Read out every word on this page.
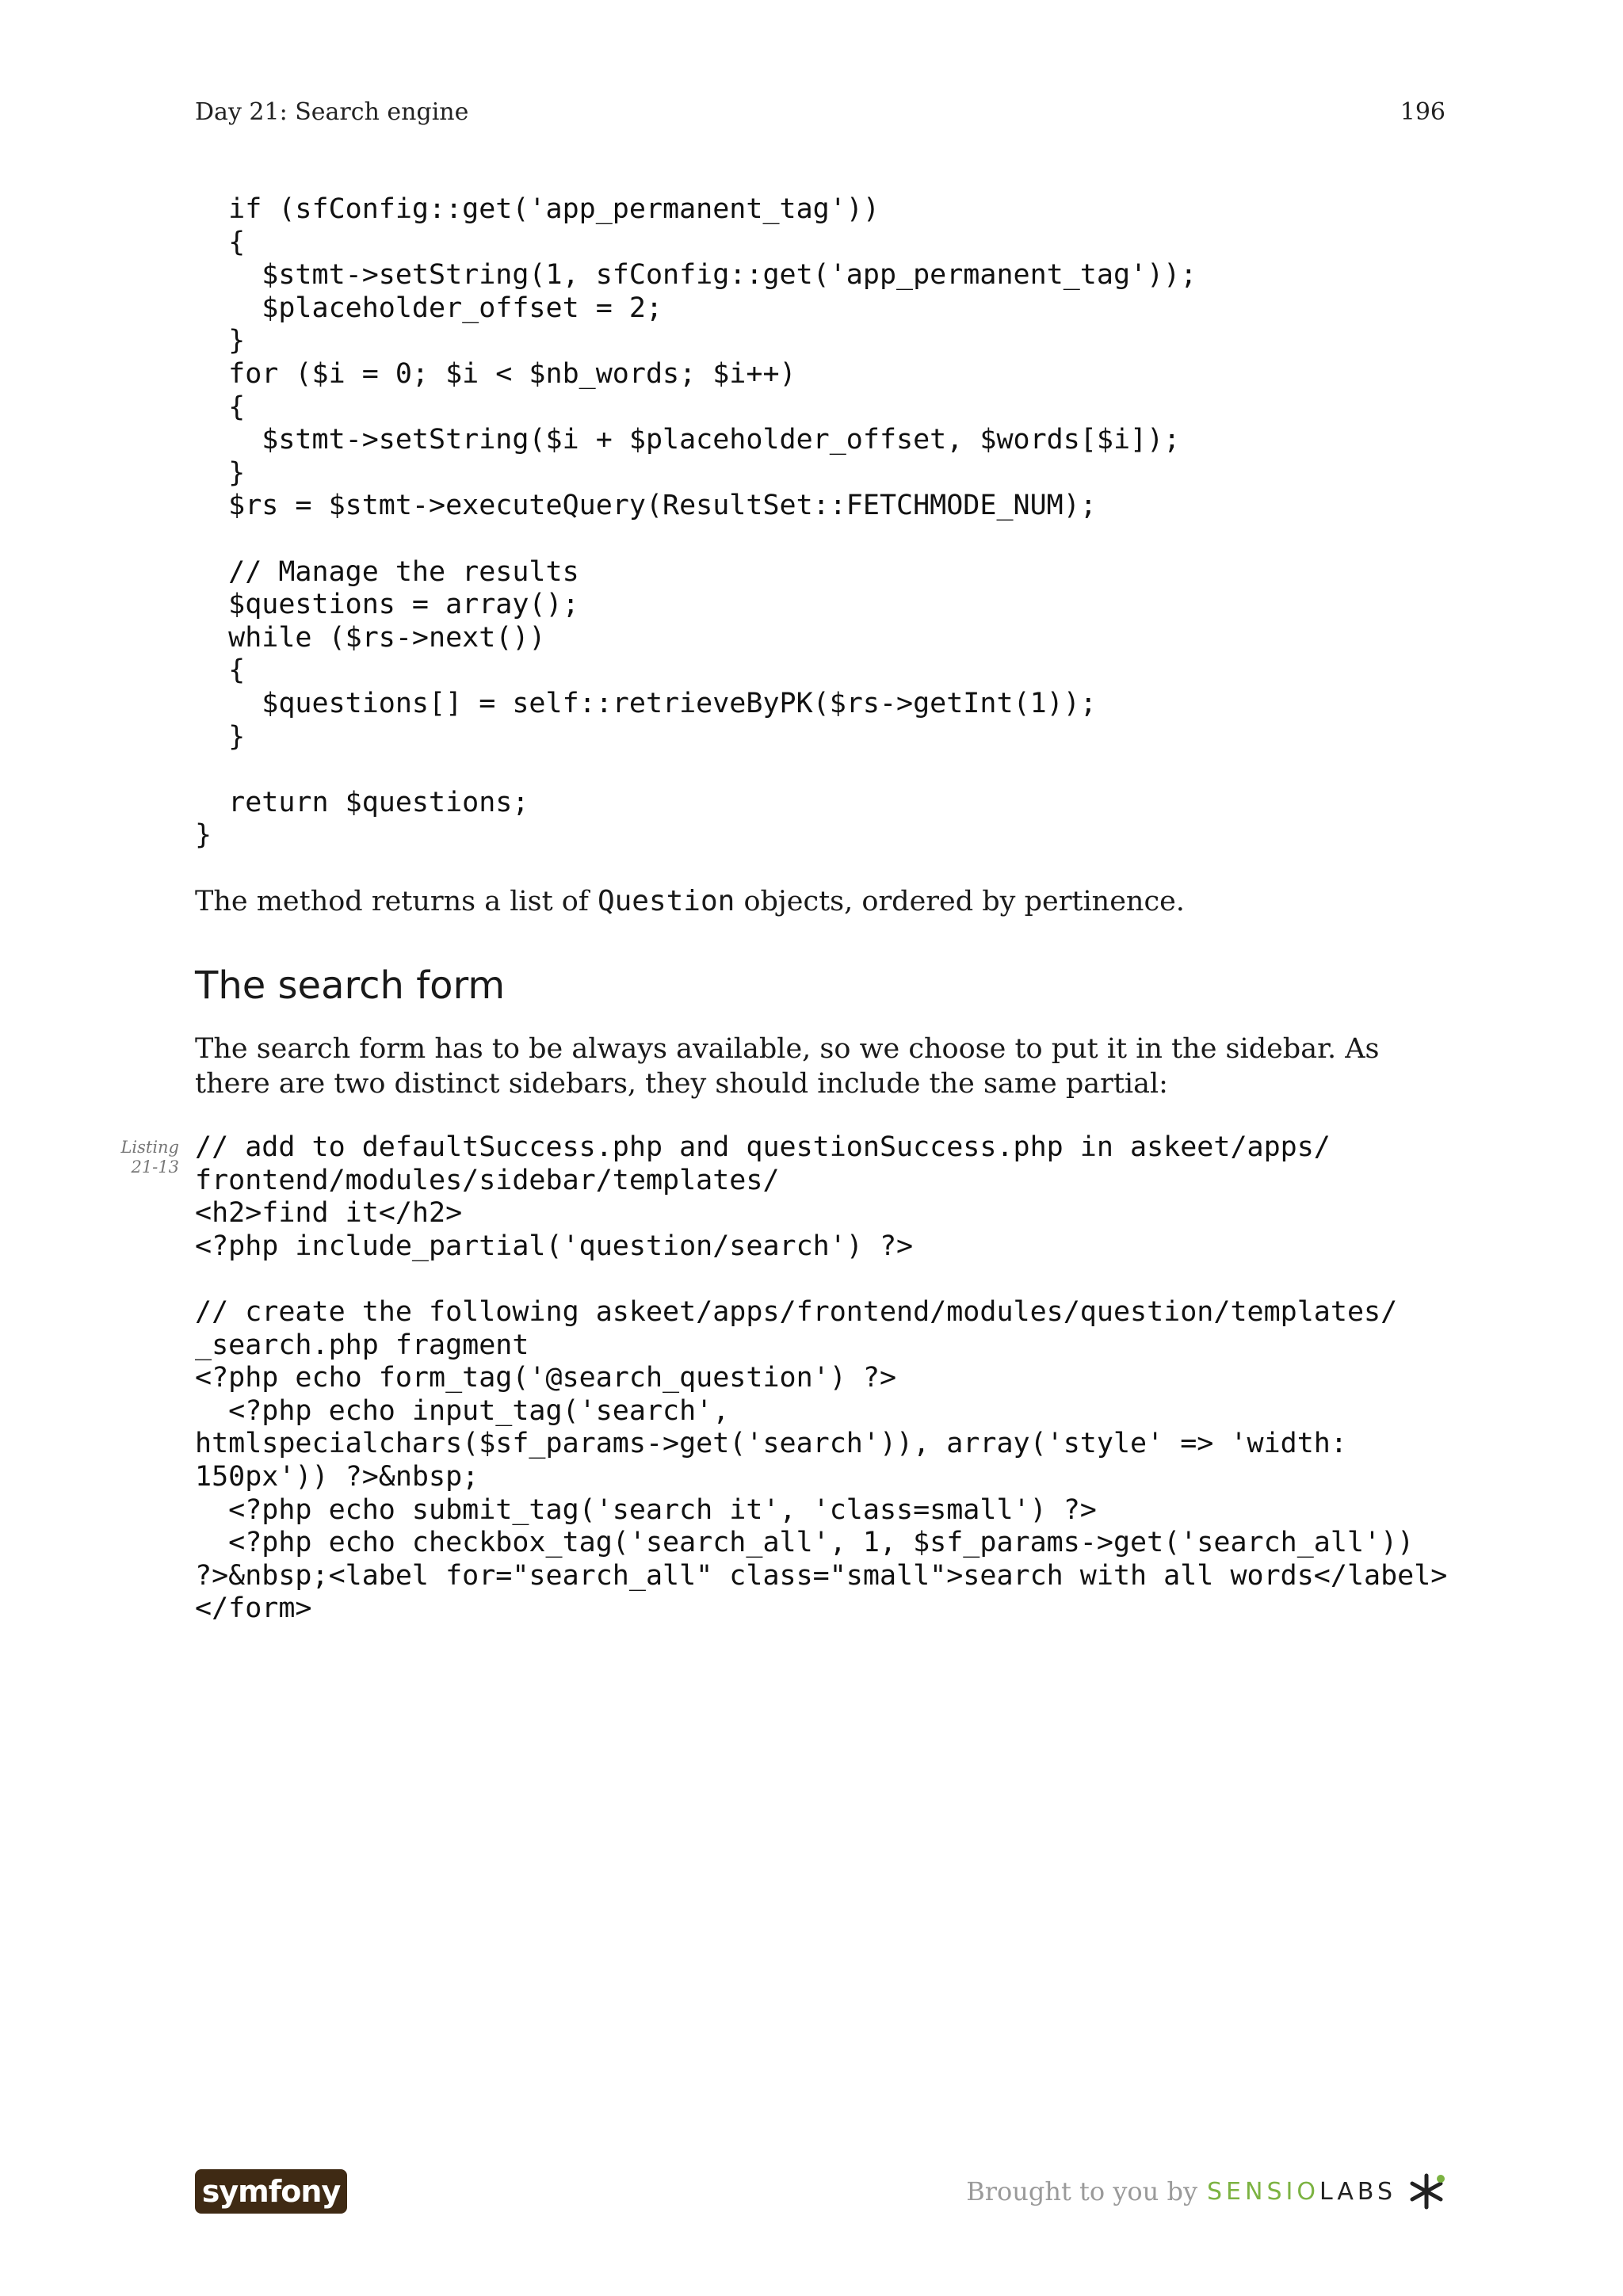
Day 21: Search engine	196
if (sfConfig::get('app_permanent_tag'))
{
$stmt->setString(1, sfConfig::get('app_permanent_tag'));
$placeholder_offset = 2;
}
for ($i = 0; $i < $nb_words; $i++)
{
$stmt->setString($i + $placeholder_offset, $words[$i]);
}
$rs = $stmt->executeQuery(ResultSet::FETCHMODE_NUM);

// Manage the results
$questions = array();
while ($rs->next())
{
$questions[] = self::retrieveByPK($rs->getInt(1));
}

return $questions;
}

The method returns a list of Question objects, ordered by pertinence.

The search form

The search form has to be always available, so we choose to put it in the sidebar. As there are two distinct sidebars, they should include the same partial:

Listing
21-13
// add to defaultSuccess.php and questionSuccess.php in askeet/apps/
frontend/modules/sidebar/templates/
<h2>find it</h2>
<?php include_partial('question/search') ?>

// create the following askeet/apps/frontend/modules/question/templates/
_search.php fragment
<?php echo form_tag('@search_question') ?>
<?php echo input_tag('search',
htmlspecialchars($sf_params->get('search')), array('style' => 'width:
150px')) ?>&nbsp;
<?php echo submit_tag('search it', 'class=small') ?>
<?php echo checkbox_tag('search_all', 1, $sf_params->get('search_all'))
?>&nbsp;<label for="search_all" class="small">search with all words</label>
</form>
symfony	Brought to you by SENSIOLABS
